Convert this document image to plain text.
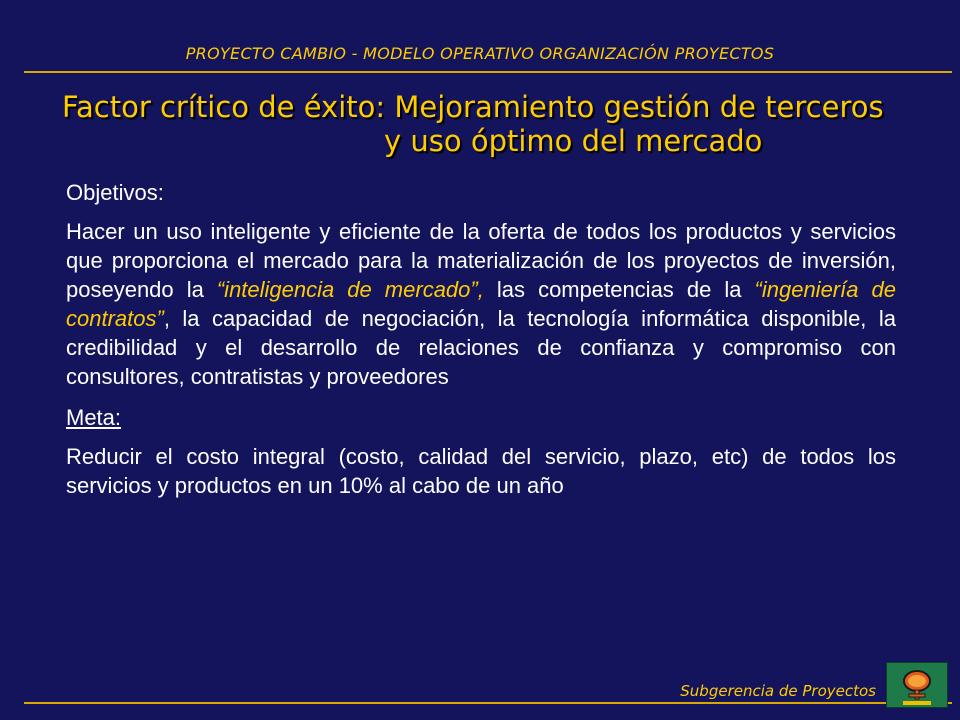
PROYECTO CAMBIO - MODELO OPERATIVO ORGANIZACIÓN PROYECTOS
Factor crítico de éxito: Mejoramiento gestión de terceros
y uso óptimo del mercado

Objetivos:

Hacer un uso inteligente y eficiente de la oferta de todos los productos y servicios que proporciona el mercado para la materialización de los proyectos de inversión, poseyendo la “inteligencia de mercado”, las competencias de la “ingeniería de contratos”, la capacidad de negociación, la tecnología informática disponible, la credibilidad y el desarrollo de relaciones de confianza y compromiso con consultores, contratistas y proveedores

Meta:

Reducir el costo integral (costo, calidad del servicio, plazo, etc) de todos los servicios y productos en un 10% al cabo de un año

Subgerencia de Proyectos
